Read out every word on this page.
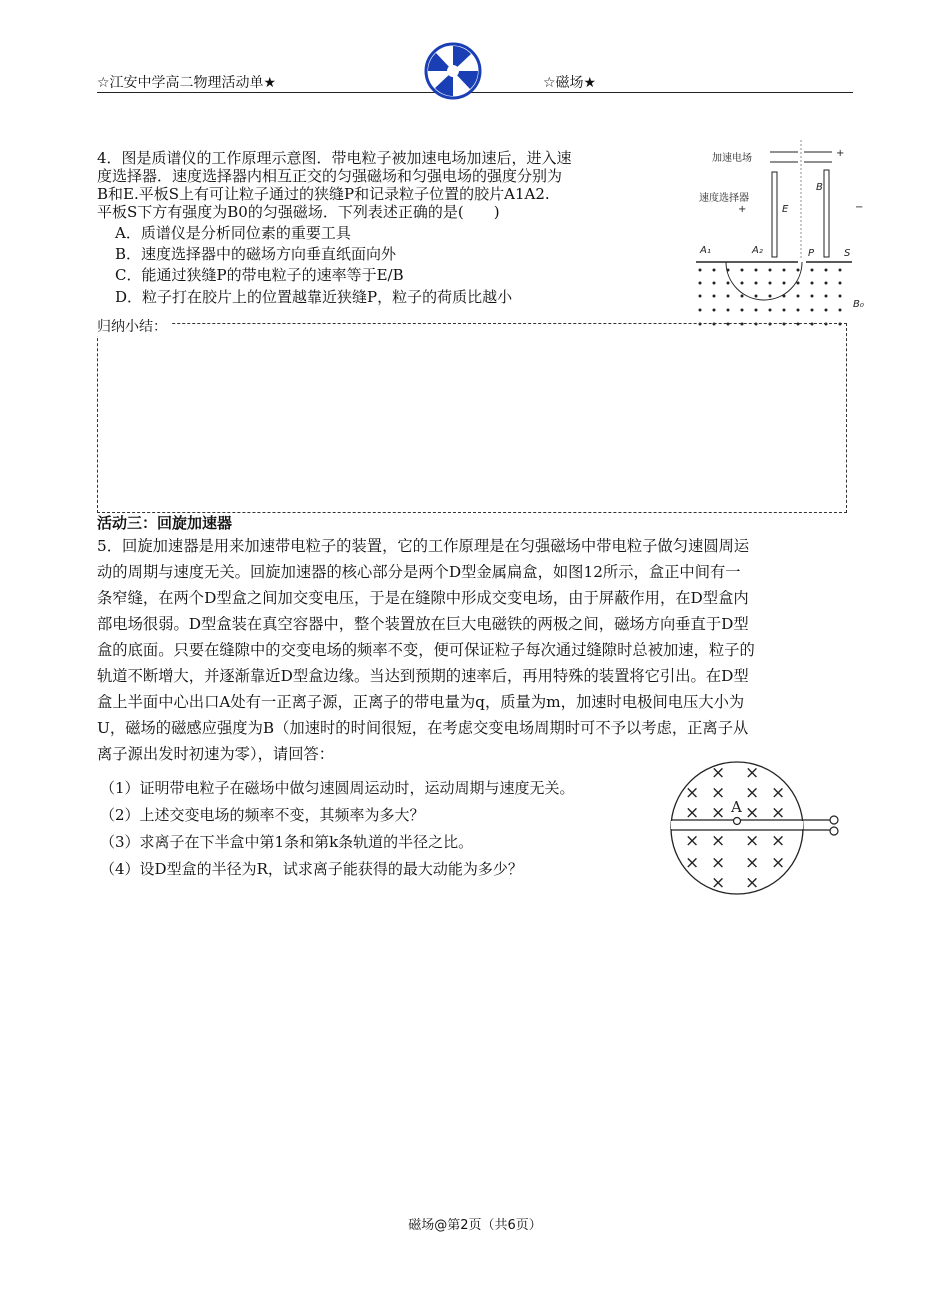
☆江安中学高二物理活动单★	☆磁场★
4．图是质谱仪的工作原理示意图．带电粒子被加速电场加速后，进入速
度选择器．速度选择器内相互正交的匀强磁场和匀强电场的强度分别为
B和E.平板S上有可让粒子通过的狭缝P和记录粒子位置的胶片A1A2.
平板S下方有强度为B0的匀强磁场．下列表述正确的是(　　)
A．质谱仪是分析同位素的重要工具
B．速度选择器中的磁场方向垂直纸面向外
C．能通过狭缝P的带电粒子的速率等于E/B
D．粒子打在胶片上的位置越靠近狭缝P，粒子的荷质比越小
加速电场
速度选择器
E
B
A₁	A₂	P	S
B₀
+
+	−
归纳小结：
活动三：回旋加速器
5．回旋加速器是用来加速带电粒子的装置，它的工作原理是在匀强磁场中带电粒子做匀速圆周运
动的周期与速度无关。回旋加速器的核心部分是两个D型金属扁盒，如图12所示，盒正中间有一
条窄缝，在两个D型盒之间加交变电压，于是在缝隙中形成交变电场，由于屏蔽作用，在D型盒内
部电场很弱。D型盒装在真空容器中，整个装置放在巨大电磁铁的两极之间，磁场方向垂直于D型
盒的底面。只要在缝隙中的交变电场的频率不变，便可保证粒子每次通过缝隙时总被加速，粒子的
轨道不断增大，并逐渐靠近D型盒边缘。当达到预期的速率后，再用特殊的装置将它引出。在D型
盒上半面中心出口A处有一正离子源，正离子的带电量为q，质量为m，加速时电极间电压大小为
U，磁场的磁感应强度为B（加速时的时间很短，在考虑交变电场周期时可不予以考虑，正离子从
离子源出发时初速为零），请回答：
（1）证明带电粒子在磁场中做匀速圆周运动时，运动周期与速度无关。
（2）上述交变电场的频率不变，其频率为多大？
（3）求离子在下半盒中第1条和第k条轨道的半径之比。
（4）设D型盒的半径为R，试求离子能获得的最大动能为多少？
A
× ×
× × × ×
× × × ×
× × × ×
× × × ×
× ×
磁场@第2页（共6页）
